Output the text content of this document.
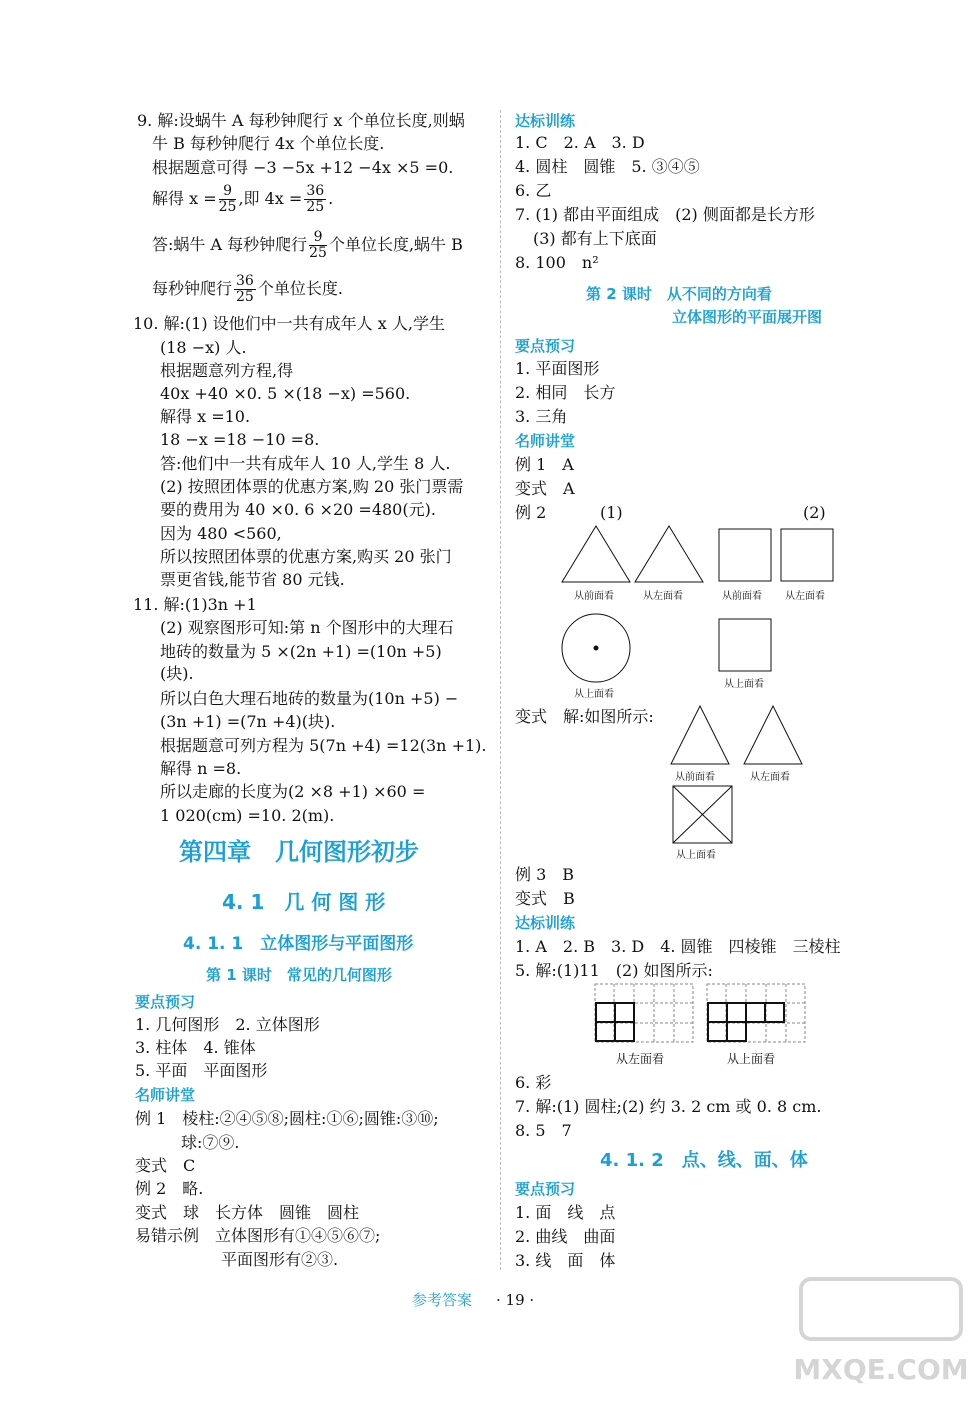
9. 解:设蜗牛 A 每秒钟爬行 x 个单位长度,则蜗
牛 B 每秒钟爬行 4x 个单位长度.
根据题意可得 −3 −5x +12 −4x ×5 =0.
解得 $x = \frac{9}{25}$ ,即 $4x = \frac{36}{25}$ .
答:蜗牛 A 每秒钟爬行 $\frac{9}{25}$ 个单位长度,蜗牛 B
每秒钟爬行 $\frac{36}{25}$ 个单位长度.
10. 解:(1) 设他们中一共有成年人 x 人,学生
(18 −x) 人.
根据题意列方程,得
40x +40 ×0. 5 ×(18 −x) =560.
解得 x =10.
18 −x =18 −10 =8.
答:他们中一共有成年人 10 人,学生 8 人.
(2) 按照团体票的优惠方案,购 20 张门票需
要的费用为 40 ×0. 6 ×20 =480(元).
因为 480 <560,
所以按照团体票的优惠方案,购买 20 张门
票更省钱,能节省 80 元钱.
11. 解:(1)3n +1
(2) 观察图形可知:第 n 个图形中的大理石
地砖的数量为 5 ×(2n +1) =(10n +5)
(块).
所以白色大理石地砖的数量为(10n +5) −
(3n +1) =(7n +4)(块).
根据题意可列方程为 5(7n +4) =12(3n +1).
解得 n =8.
所以走廊的长度为(2 ×8 +1) ×60 =
1 020(cm) =10. 2(m).
第四章　几何图形初步
4. 1　几 何 图 形
4. 1. 1　立体图形与平面图形
第 1 课时　常见的几何图形
要点预习
1. 几何图形　2. 立体图形
3. 柱体　4. 锥体
5. 平面　平面图形
名师讲堂
例 1　棱柱:②④⑤⑧;圆柱:①⑥;圆锥:③⑩;
球:⑦⑨.
变式　C
例 2　略.
变式　球　长方体　圆锥　圆柱
易错示例　立体图形有①④⑤⑥⑦;
平面图形有②③.
达标训练
1. C　2. A　3. D
4. 圆柱　圆锥　5. ③④⑤
6. 乙
7. (1) 都由平面组成　(2) 侧面都是长方形
(3) 都有上下底面
8. 100　n²
第 2 课时　从不同的方向看
立体图形的平面展开图
要点预习
1. 平面图形
2. 相同　长方
3. 三角
名师讲堂
例 1　A
变式　A
例 2	(1)	(2)
从前面看	从左面看	从前面看 从左面看
从上面看
从上面看
变式　解:如图所示:
从前面看	从左面看
从上面看
例 3　B
变式　B
达标训练
1. A　2. B　3. D　4. 圆锥　四棱锥　三棱柱
5. 解:(1)11　(2) 如图所示:
从左面看	从上面看
6. 彩
7. 解:(1) 圆柱;(2) 约 3. 2 cm 或 0. 8 cm.
8. 5　7
4. 1. 2　点、线、面、体
要点预习
1. 面　线　点
2. 曲线　曲面
3. 线　面　体
参考答案 · 19 ·
MXQE.COM
